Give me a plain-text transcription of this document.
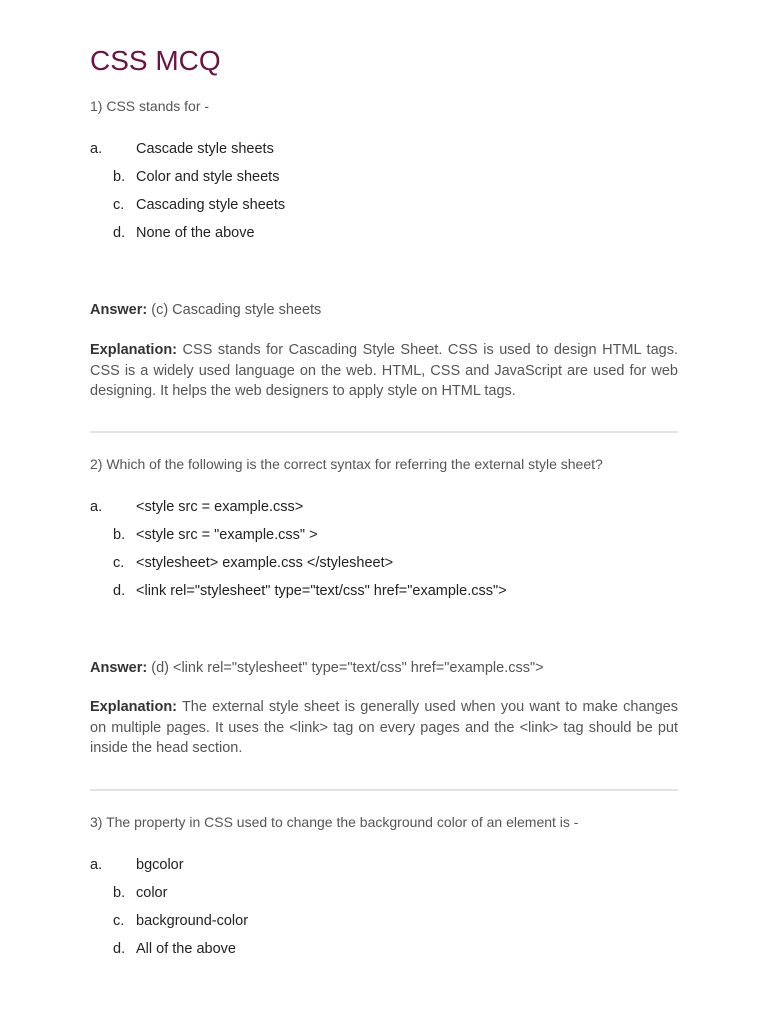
CSS MCQ
1) CSS stands for -
a. Cascade style sheets
b. Color and style sheets
c. Cascading style sheets
d. None of the above
Answer: (c) Cascading style sheets

Explanation: CSS stands for Cascading Style Sheet. CSS is used to design HTML tags. CSS is a widely used language on the web. HTML, CSS and JavaScript are used for web designing. It helps the web designers to apply style on HTML tags.

2) Which of the following is the correct syntax for referring the external style sheet?
a. <style src = example.css>
b. <style src = "example.css" >
c. <stylesheet> example.css </stylesheet>
d. <link rel="stylesheet" type="text/css" href="example.css">
Answer: (d) <link rel="stylesheet" type="text/css" href="example.css">

Explanation: The external style sheet is generally used when you want to make changes on multiple pages. It uses the <link> tag on every pages and the <link> tag should be put inside the head section.

3) The property in CSS used to change the background color of an element is -
a. bgcolor
b. color
c. background-color
d. All of the above
